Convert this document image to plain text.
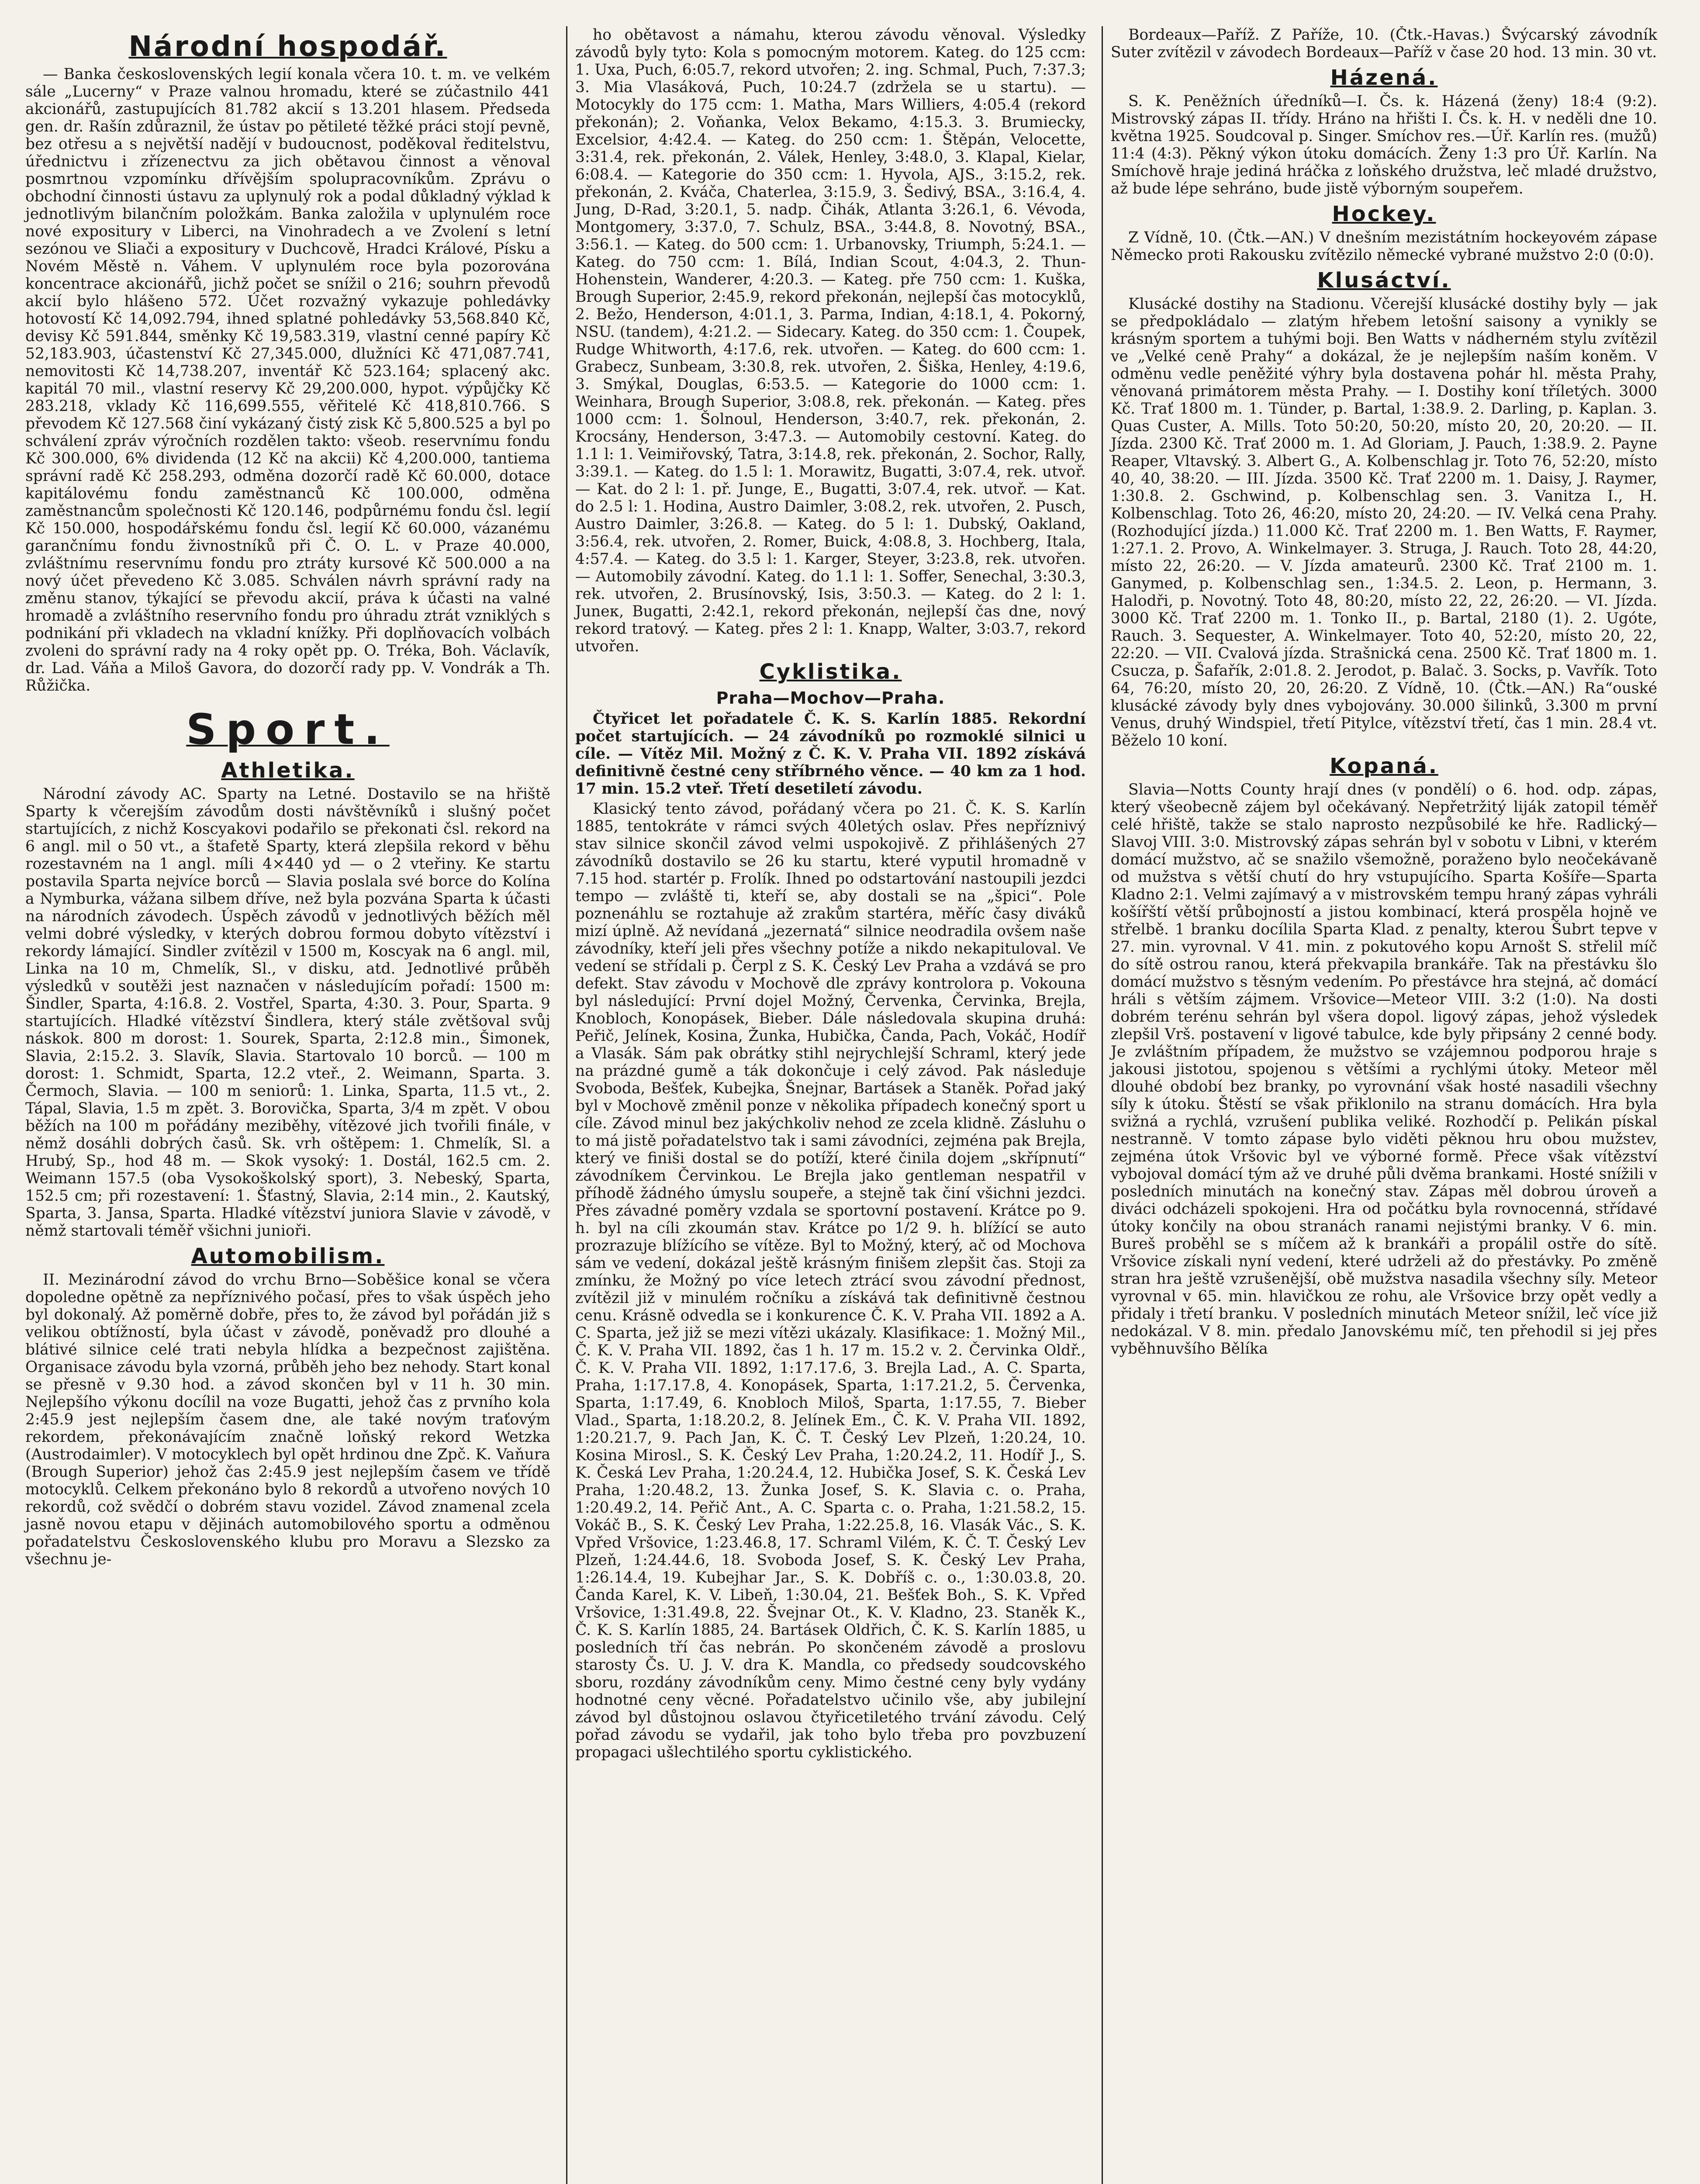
Národní hospodář.

— Banka československých legií konala včera 10. t. m. ve velkém sále „Lucerny“ v Praze valnou hromadu, které se zúčastnilo 441 akcionářů, zastupujících 81.782 akcií s 13.201 hlasem. Předseda gen. dr. Rašín zdůraznil, že ústav po pětileté těžké práci stojí pevně, bez otřesu a s největší nadějí v budoucnost, poděkoval ředitelstvu, úřednictvu i zřízenectvu za jich obětavou činnost a věnoval posmrtnou vzpomínku dřívějším spolupracovníkům. Zprávu o obchodní činnosti ústavu za uplynulý rok a podal důkladný výklad k jednotlivým bilančním položkám. Banka založila v uplynulém roce nové expositury v Liberci, na Vinohradech a ve Zvolení s letní sezónou ve Sliači a expositury v Duchcově, Hradci Králové, Písku a Novém Městě n. Váhem. V uplynulém roce byla pozorována koncentrace akcionářů, jichž počet se snížil o 216; souhrn převodů akcií bylo hlášeno 572. Účet rozvažný vykazuje pohledávky hotovostí Kč 14,092.794, ihned splatné pohledávky 53,568.840 Kč, devisy Kč 591.844, směnky Kč 19,583.319, vlastní cenné papíry Kč 52,183.903, účastenství Kč 27,345.000, dlužníci Kč 471,087.741, nemovitosti Kč 14,738.207, inventář Kč 523.164; splacený akc. kapitál 70 mil., vlastní reservy Kč 29,200.000, hypot. výpůjčky Kč 283.218, vklady Kč 116,699.555, věřitelé Kč 418,810.766. S převodem Kč 127.568 činí vykázaný čistý zisk Kč 5,800.525 a byl po schválení zpráv výročních rozdělen takto: všeob. reservnímu fondu Kč 300.000, 6% dividenda (12 Kč na akcii) Kč 4,200.000, tantiema správní radě Kč 258.293, odměna dozorčí radě Kč 60.000, dotace kapitálovému fondu zaměstnanců Kč 100.000, odměna zaměstnancům společnosti Kč 120.146, podpůrnému fondu čsl. legií Kč 150.000, hospodářskému fondu čsl. legií Kč 60.000, vázanému garančnímu fondu živnostníků při Č. O. L. v Praze 40.000, zvláštnímu reservnímu fondu pro ztráty kursové Kč 500.000 a na nový účet převedeno Kč 3.085. Schválen návrh správní rady na změnu stanov, týkající se převodu akcií, práva k účasti na valné hromadě a zvláštního reservního fondu pro úhradu ztrát vzniklých s podnikání při vkladech na vkladní knížky. Při doplňovacích volbách zvoleni do správní rady na 4 roky opět pp. O. Tréka, Boh. Václavík, dr. Lad. Váňa a Miloš Gavora, do dozorčí rady pp. V. Vondrák a Th. Růžička.

Sport.
Athletika.

Národní závody AC. Sparty na Letné. Dostavilo se na hřiště Sparty k včerejším závodům dosti návštěvníků i slušný počet startujících, z nichž Koscyakovi podařilo se překonati čsl. rekord na 6 angl. mil o 50 vt., a štafetě Sparty, která zlepšila rekord v běhu rozestavném na 1 angl. míli 4×440 yd — o 2 vteřiny. Ke startu postavila Sparta nejvíce borců — Slavia poslala své borce do Kolína a Nymburka, vážana silbem dříve, než byla pozvána Sparta k účasti na národních závodech. Úspěch závodů v jednotlivých běžích měl velmi dobré výsledky, v kterých dobrou formou dobyto vítězství i rekordy lámající. Sindler zvítězil v 1500 m, Koscyak na 6 angl. mil, Linka na 10 m, Chmelík, Sl., v disku, atd. Jednotlivé průběh výsledků v soutěži jest naznačen v následujícím pořadí: 1500 m: Šindler, Sparta, 4:16.8. 2. Vostřel, Sparta, 4:30. 3. Pour, Sparta. 9 startujících. Hladké vítězství Šindlera, který stále zvětšoval svůj náskok. 800 m dorost: 1. Sourek, Sparta, 2:12.8 min., Šimonek, Slavia, 2:15.2. 3. Slavík, Slavia. Startovalo 10 borců. — 100 m dorost: 1. Schmidt, Sparta, 12.2 vteř., 2. Weimann, Sparta. 3. Čermoch, Slavia. — 100 m seniorů: 1. Linka, Sparta, 11.5 vt., 2. Tápal, Slavia, 1.5 m zpět. 3. Borovička, Sparta, 3/4 m zpět. V obou běžích na 100 m pořádány meziběhy, vítězové jich tvořili finále, v němž dosáhli dobrých časů. Sk. vrh oštěpem: 1. Chmelík, Sl. a Hrubý, Sp., hod 48 m. — Skok vysoký: 1. Dostál, 162.5 cm. 2. Weimann 157.5 (oba Vysokoškolský sport), 3. Nebeský, Sparta, 152.5 cm; při rozestavení: 1. Šťastný, Slavia, 2:14 min., 2. Kautský, Sparta, 3. Jansa, Sparta. Hladké vítězství juniora Slavie v závodě, v němž startovali téměř všichni junioři.

Automobilism.

II. Mezinárodní závod do vrchu Brno—Soběšice konal se včera dopoledne opětně za nepříznivého počasí, přes to však úspěch jeho byl dokonalý. Až poměrně dobře, přes to, že závod byl pořádán již s velikou obtížností, byla účast v závodě, poněvadž pro dlouhé a blátivé silnice celé trati nebyla hlídka a bezpečnost zajištěna. Organisace závodu byla vzorná, průběh jeho bez nehody. Start konal se přesně v 9.30 hod. a závod skončen byl v 11 h. 30 min. Nejlepšího výkonu docílil na voze Bugatti, jehož čas z prvního kola 2:45.9 jest nejlepším časem dne, ale také novým traťovým rekordem, překonávajícím značně loňský rekord Wetzka (Austrodaimler). V motocyklech byl opět hrdinou dne Zpč. K. Vaňura (Brough Superior) jehož čas 2:45.9 jest nejlepším časem ve třídě motocyklů. Celkem překonáno bylo 8 rekordů a utvořeno nových 10 rekordů, což svědčí o dobrém stavu vozidel. Závod znamenal zcela jasně novou etapu v dějinách automobilového sportu a odměnou pořadatelstvu Československého klubu pro Moravu a Slezsko za všechnu je-

ho obětavost a námahu, kterou závodu věnoval. Výsledky závodů byly tyto: Kola s pomocným motorem. Kateg. do 125 ccm: 1. Uxa, Puch, 6:05.7, rekord utvořen; 2. ing. Schmal, Puch, 7:37.3; 3. Mia Vlasáková, Puch, 10:24.7 (zdržela se u startu). — Motocykly do 175 ccm: 1. Matha, Mars Williers, 4:05.4 (rekord překonán); 2. Voňanka, Velox Bekamo, 4:15.3. 3. Brumiecky, Excelsior, 4:42.4. — Kateg. do 250 ccm: 1. Štěpán, Velocette, 3:31.4, rek. překonán, 2. Válek, Henley, 3:48.0, 3. Klapal, Kielar, 6:08.4. — Kategorie do 350 ccm: 1. Hyvola, AJS., 3:15.2, rek. překonán, 2. Kváča, Chaterlea, 3:15.9, 3. Šedivý, BSA., 3:16.4, 4. Jung, D-Rad, 3:20.1, 5. nadp. Čihák, Atlanta 3:26.1, 6. Vévoda, Montgomery, 3:37.0, 7. Schulz, BSA., 3:44.8, 8. Novotný, BSA., 3:56.1. — Kateg. do 500 ccm: 1. Urbanovsky, Triumph, 5:24.1. — Kateg. do 750 ccm: 1. Bílá, Indian Scout, 4:04.3, 2. Thun-Hohenstein, Wanderer, 4:20.3. — Kateg. pře 750 ccm: 1. Kuška, Brough Superior, 2:45.9, rekord překonán, nejlepší čas motocyklů, 2. Bežo, Henderson, 4:01.1, 3. Parma, Indian, 4:18.1, 4. Pokorný, NSU. (tandem), 4:21.2. — Sidecary. Kateg. do 350 ccm: 1. Čoupek, Rudge Whitworth, 4:17.6, rek. utvořen. — Kateg. do 600 ccm: 1. Grabecz, Sunbeam, 3:30.8, rek. utvořen, 2. Šiška, Henley, 4:19.6, 3. Smýkal, Douglas, 6:53.5. — Kategorie do 1000 ccm: 1. Weinhara, Brough Superior, 3:08.8, rek. překonán. — Kateg. přes 1000 ccm: 1. Šolnoul, Henderson, 3:40.7, rek. překonán, 2. Krocsány, Henderson, 3:47.3. — Automobily cestovní. Kateg. do 1.1 l: 1. Veimiřovský, Tatra, 3:14.8, rek. překonán, 2. Sochor, Rally, 3:39.1. — Kateg. do 1.5 l: 1. Morawitz, Bugatti, 3:07.4, rek. utvoř. — Kat. do 2 l: 1. př. Junge, E., Bugatti, 3:07.4, rek. utvoř. — Kat. do 2.5 l: 1. Hodina, Austro Daimler, 3:08.2, rek. utvořen, 2. Pusch, Austro Daimler, 3:26.8. — Kateg. do 5 l: 1. Dubský, Oakland, 3:56.4, rek. utvořen, 2. Romer, Buick, 4:08.8, 3. Hochberg, Itala, 4:57.4. — Kateg. do 3.5 l: 1. Karger, Steyer, 3:23.8, rek. utvořen. — Automobily závodní. Kateg. do 1.1 l: 1. Soffer, Senechal, 3:30.3, rek. utvořen, 2. Brusínovský, Isis, 3:50.3. — Kateg. do 2 l: 1. Juneк, Bugatti, 2:42.1, rekord překonán, nejlepší čas dne, nový rekord tratový. — Kateg. přes 2 l: 1. Knapp, Walter, 3:03.7, rekord utvořen.

Cyklistika.
Praha—Mochov—Praha.

Čtyřicet let pořadatele Č. K. S. Karlín 1885. Rekordní počet startujících. — 24 závodníků po rozmoklé silnici u cíle. — Vítěz Mil. Možný z Č. K. V. Praha VII. 1892 získává definitivně čestné ceny stříbrného věnce. — 40 km za 1 hod. 17 min. 15.2 vteř. Třetí desetiletí závodu.

Klasický tento závod, pořádaný včera po 21. Č. K. S. Karlín 1885, tentokráte v rámci svých 40letých oslav. Přes nepříznivý stav silnice skončil závod velmi uspokojivě. Z přihlášených 27 závodníků dostavilo se 26 ku startu, které vyputil hromadně v 7.15 hod. startér p. Frolík. Ihned po odstartování nastoupili jezdci tempo — zvláště ti, kteří se, aby dostali se na „špici“. Pole poznenáhlu se roztahuje až zrakům startéra, měříc časy diváků mizí úplně. Až nevídaná „jezernatá“ silnice neodradila ovšem naše závodníky, kteří jeli přes všechny potíže a nikdo nekapituloval. Ve vedení se střídali p. Čerpl z S. K. Český Lev Praha a vzdává se pro defekt. Stav závodu v Mochově dle zprávy kontrolora p. Vokouna byl následující: První dojel Možný, Červenka, Červinka, Brejla, Knobloch, Konopásek, Bieber. Dále následovala skupina druhá: Peřič, Jelínek, Kosina, Žunka, Hubička, Čanda, Pach, Vokáč, Hodíř a Vlasák. Sám pak obrátky stihl nejrychlejší Schraml, který jede na prázdné gumě a ták dokončuje i celý závod. Pak následuje Svoboda, Bešťek, Kubejka, Šnejnar, Bartásek a Staněk. Pořad jaký byl v Mochově změnil ponze v několika případech konečný sport u cíle. Závod minul bez jakýchkoliv nehod ze zcela klidně. Zásluhu o to má jistě pořadatelstvo tak i sami závodníci, zejména pak Brejla, který ve finiši dostal se do potíží, které činila dojem „skřípnutí“ závodníkem Červinkou. Le Brejla jako gentleman nespatřil v příhodě žádného úmyslu soupeře, a stejně tak činí všichni jezdci. Přes závadné poměry vzdala se sportovní postavení. Krátce po 9. h. byl na cíli zkoumán stav. Krátce po 1/2 9. h. blížící se auto prozrazuje blížícího se vítěze. Byl to Možný, který, ač od Mochova sám ve vedení, dokázal ještě krásným finišem zlepšit čas. Stoji za zmínku, že Možný po více letech ztrácí svou závodní přednost, zvítězil již v minulém ročníku a získává tak definitivně čestnou cenu. Krásně odvedla se i konkurence Č. K. V. Praha VII. 1892 a A. C. Sparta, jež již se mezi vítězi ukázaly. Klasifikace: 1. Možný Mil., Č. K. V. Praha VII. 1892, čas 1 h. 17 m. 15.2 v. 2. Červinka Oldř., Č. K. V. Praha VII. 1892, 1:17.17.6, 3. Brejla Lad., A. C. Sparta, Praha, 1:17.17.8, 4. Konopásek, Sparta, 1:17.21.2, 5. Červenka, Sparta, 1:17.49, 6. Knobloch Miloš, Sparta, 1:17.55, 7. Bieber Vlad., Sparta, 1:18.20.2, 8. Jelínek Em., Č. K. V. Praha VII. 1892, 1:20.21.7, 9. Pach Jan, K. Č. T. Český Lev Plzeň, 1:20.24, 10. Kosina Mirosl., S. K. Český Lev Praha, 1:20.24.2, 11. Hodíř J., S. K. Česká Lev Praha, 1:20.24.4, 12. Hubička Josef, S. K. Česká Lev Praha, 1:20.48.2, 13. Žunka Josef, S. K. Slavia c. o. Praha, 1:20.49.2, 14. Peřič Ant., A. C. Sparta c. o. Praha, 1:21.58.2, 15. Vokáč B., S. K. Český Lev Praha, 1:22.25.8, 16. Vlasák Vác., S. K. Vpřed Vršovice, 1:23.46.8, 17. Schraml Vilém, K. Č. T. Český Lev Plzeň, 1:24.44.6, 18. Svoboda Josef, S. K. Český Lev Praha, 1:26.14.4, 19. Kubejhar Jar., S. K. Dobříš c. o., 1:30.03.8, 20. Čanda Karel, K. V. Libeň, 1:30.04, 21. Bešťek Boh., S. K. Vpřed Vršovice, 1:31.49.8, 22. Švejnar Ot., K. V. Kladno, 23. Staněk K., Č. K. S. Karlín 1885, 24. Bartásek Oldřich, Č. K. S. Karlín 1885, u posledních tří čas nebrán. Po skončeném závodě a proslovu starosty Čs. U. J. V. dra K. Mandla, co předsedy soudcovského sboru, rozdány závodníkům ceny. Mimo čestné ceny byly vydány hodnotné ceny věcné. Pořadatelstvo učinilo vše, aby jubilejní závod byl důstojnou oslavou čtyřicetiletého trvání závodu. Celý pořad závodu se vydařil, jak toho bylo třeba pro povzbuzení propagaci ušlechtilého sportu cyklistického.

Bordeaux—Paříž. Z Paříže, 10. (Čtk.-Havas.) Švýcarský závodník Suter zvítězil v závodech Bordeaux—Paříž v čase 20 hod. 13 min. 30 vt.

Házená.

S. K. Peněžních úředníků—I. Čs. k. Házená (ženy) 18:4 (9:2). Mistrovský zápas II. třídy. Hráno na hřišti I. Čs. k. H. v neděli dne 10. května 1925. Soudcoval p. Singer. Smíchov res.—Úř. Karlín res. (mužů) 11:4 (4:3). Pěkný výkon útoku domácích. Ženy 1:3 pro Úř. Karlín. Na Smíchově hraje jediná hráčka z loňského družstva, leč mladé družstvo, až bude lépe sehráno, bude jistě výborným soupeřem.

Hockey.

Z Vídně, 10. (Čtk.—AN.) V dnešním mezistátním hockeyovém zápase Německo proti Rakousku zvítězilo německé vybrané mužstvo 2:0 (0:0).

Klusáctví.

Klusácké dostihy na Stadionu. Včerejší klusácké dostihy byly — jak se předpokládalo — zlatým hřebem letošní saisony a vynikly se krásným sportem a tuhými boji. Ben Watts v nádherném stylu zvítězil ve „Velké ceně Prahy“ a dokázal, že je nejlepším naším koněm. V odměnu vedle peněžité výhry byla dostavena pohár hl. města Prahy, věnovaná primátorem města Prahy. — I. Dostihy koní tříletých. 3000 Kč. Trať 1800 m. 1. Tünder, p. Bartal, 1:38.9. 2. Darling, p. Kaplan. 3. Quas Custer, A. Mills. Toto 50:20, 50:20, místo 20, 20, 20:20. — II. Jízda. 2300 Kč. Trať 2000 m. 1. Ad Gloriam, J. Pauch, 1:38.9. 2. Payne Reaper, Vltavský. 3. Albert G., A. Kolbenschlag jr. Toto 76, 52:20, místo 40, 40, 38:20. — III. Jízda. 3500 Kč. Trať 2200 m. 1. Daisy, J. Raymer, 1:30.8. 2. Gschwind, p. Kolbenschlag sen. 3. Vanitza I., H. Kolbenschlag. Toto 26, 46:20, místo 20, 24:20. — IV. Velká cena Prahy. (Rozhodující jízda.) 11.000 Kč. Trať 2200 m. 1. Ben Watts, F. Raymer, 1:27.1. 2. Provo, A. Winkelmayer. 3. Struga, J. Rauch. Toto 28, 44:20, místo 22, 26:20. — V. Jízda amateurů. 2300 Kč. Trať 2100 m. 1. Ganymed, p. Kolbenschlag sen., 1:34.5. 2. Leon, p. Hermann, 3. Halodři, p. Novotný. Toto 48, 80:20, místo 22, 22, 26:20. — VI. Jízda. 3000 Kč. Trať 2200 m. 1. Tonko II., p. Bartal, 2180 (1). 2. Ugóte, Rauch. 3. Sequester, A. Winkelmayer. Toto 40, 52:20, místo 20, 22, 22:20. — VII. Cvalová jízda. Strašnická cena. 2500 Kč. Trať 1800 m. 1. Csucza, p. Šafařík, 2:01.8. 2. Jerodot, p. Balač. 3. Socks, p. Vavřík. Toto 64, 76:20, místo 20, 20, 26:20. Z Vídně, 10. (Čtk.—AN.) Ra“ouské klusácké závody byly dnes vybojovány. 30.000 šilinků, 3.300 m první Venus, druhý Windspiel, třetí Pitylce, vítězství třetí, čas 1 min. 28.4 vt. Běželo 10 koní.

Kopaná.

Slavia—Notts County hrají dnes (v pondělí) o 6. hod. odp. zápas, který všeobecně zájem byl očekávaný. Nepřetržitý liják zatopil téměř celé hřiště, takže se stalo naprosto nezpůsobilé ke hře. Radlický—Slavoj VIII. 3:0. Mistrovský zápas sehrán byl v sobotu v Libni, v kterém domácí mužstvo, ač se snažilo všemožně, poraženo bylo neočekávaně od mužstva s větší chutí do hry vstupujícího. Sparta Košíře—Sparta Kladno 2:1. Velmi zajímavý a v mistrovském tempu hraný zápas vyhráli košířští větší průbojností a jistou kombinací, která prospěla hojně ve střelbě. 1 branku docílila Sparta Klad. z penalty, kterou Šubrt tepve v 27. min. vyrovnal. V 41. min. z pokutového kopu Arnošt S. střelil míč do sítě ostrou ranou, která překvapila brankáře. Tak na přestávku šlo domácí mužstvo s těsným vedením. Po přestávce hra stejná, ač domácí hráli s větším zájmem. Vršovice—Meteor VIII. 3:2 (1:0). Na dosti dobrém terénu sehrán byl všera dopol. ligový zápas, jehož výsledek zlepšil Vrš. postavení v ligové tabulce, kde byly připsány 2 cenné body. Je zvláštním případem, že mužstvo se vzájemnou podporou hraje s jakousi jistotou, spojenou s většími a rychlými útoky. Meteor měl dlouhé období bez branky, po vyrovnání však hosté nasadili všechny síly k útoku. Štěstí se však přiklonilo na stranu domácích. Hra byla svižná a rychlá, vzrušení publika veliké. Rozhodčí p. Pelikán pískal nestranně. V tomto zápase bylo viděti pěknou hru obou mužstev, zejména útok Vršovic byl ve výborné formě. Přece však vítězství vybojoval domácí tým až ve druhé půli dvěma brankami. Hosté snížili v posledních minutách na konečný stav. Zápas měl dobrou úroveň a diváci odcházeli spokojeni. Hra od počátku byla rovnocenná, střídavé útoky končily na obou stranách ranami nejistými branky. V 6. min. Bureš proběhl se s míčem až k brankáři a propálil ostře do sítě. Vršovice získali nyní vedení, které udrželi až do přestávky. Po změně stran hra ještě vzrušenější, obě mužstva nasadila všechny síly. Meteor vyrovnal v 65. min. hlavičkou ze rohu, ale Vršovice brzy opět vedly a přidaly i třetí branku. V posledních minutách Meteor snížil, leč více již nedokázal. V 8. min. předalo Janovskému míč, ten přehodil si jej přes vyběhnuvšího Bělíka
